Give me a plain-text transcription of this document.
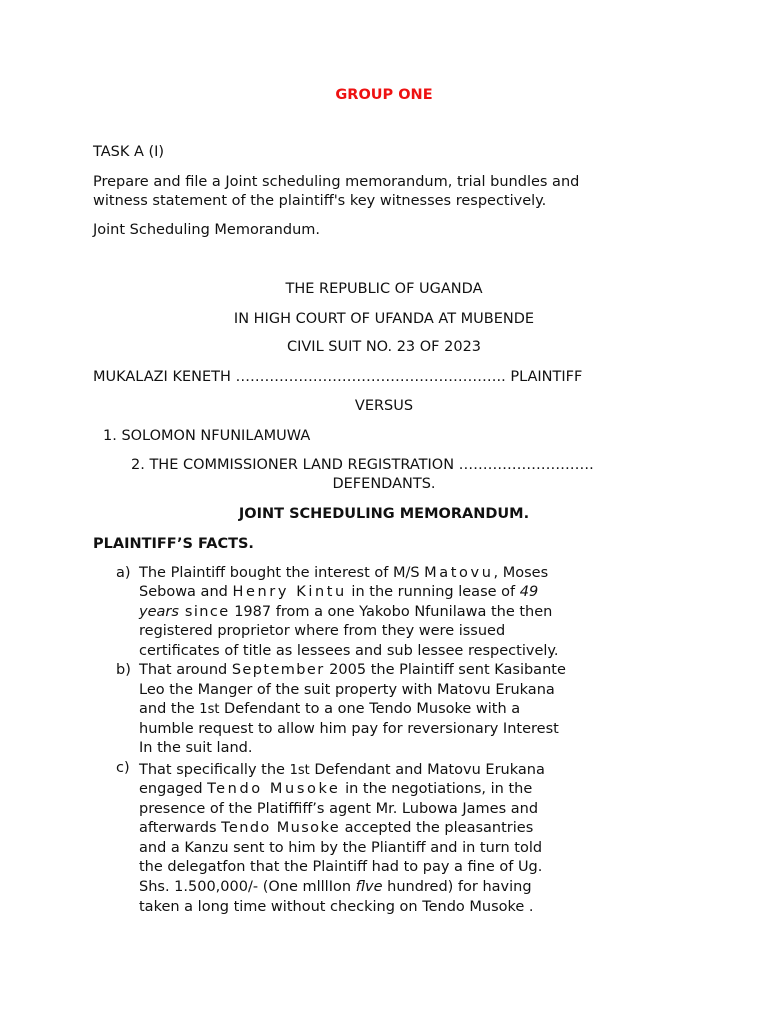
GROUP ONE

TASK A (I)

Prepare and file a Joint scheduling memorandum, trial bundles and

witness statement of the plaintiff's key witnesses respectively.

Joint Scheduling Memorandum.

THE REPUBLIC OF UGANDA

IN HIGH COURT OF UFANDA AT MUBENDE

CIVIL SUIT NO. 23 OF 2023

MUKALAZI KENETH ……………………………………………….. PLAINTIFF

VERSUS

1. SOLOMON NFUNILAMUWA

2. THE COMMISSIONER LAND REGISTRATION ……………………….

DEFENDANTS.

JOINT SCHEDULING MEMORANDUM.

PLAINTIFF’S FACTS.

a) The Plaintiff bought the interest of M/S Matovu, Moses
Sebowa and Henry Kintu in the running lease of 49
years since 1987 from a one Yakobo Nfunilawa the then
registered proprietor where from they were issued
certificates of title as lessees and sub lessee respectively.
b) That around September 2005 the Plaintiff sent Kasibante
Leo the Manger of the suit property with Matovu Erukana
and the 1st Defendant to a one Tendo Musoke with a
humble request to allow him pay for reversionary Interest
In the suit land.
c) That specifically the 1st Defendant and Matovu Erukana
engaged Tendo Musoke in the negotiations, in the
presence of the Platiffiff’s agent Mr. Lubowa James and
afterwards Tendo Musoke accepted the pleasantries
and a Kanzu sent to him by the Pliantiff and in turn told
the delegatfon that the Plaintiff had to pay a fine of Ug.
Shs. 1.500,000/- (One mlllIon flve hundred) for having
taken a long time without checking on Tendo Musoke .
